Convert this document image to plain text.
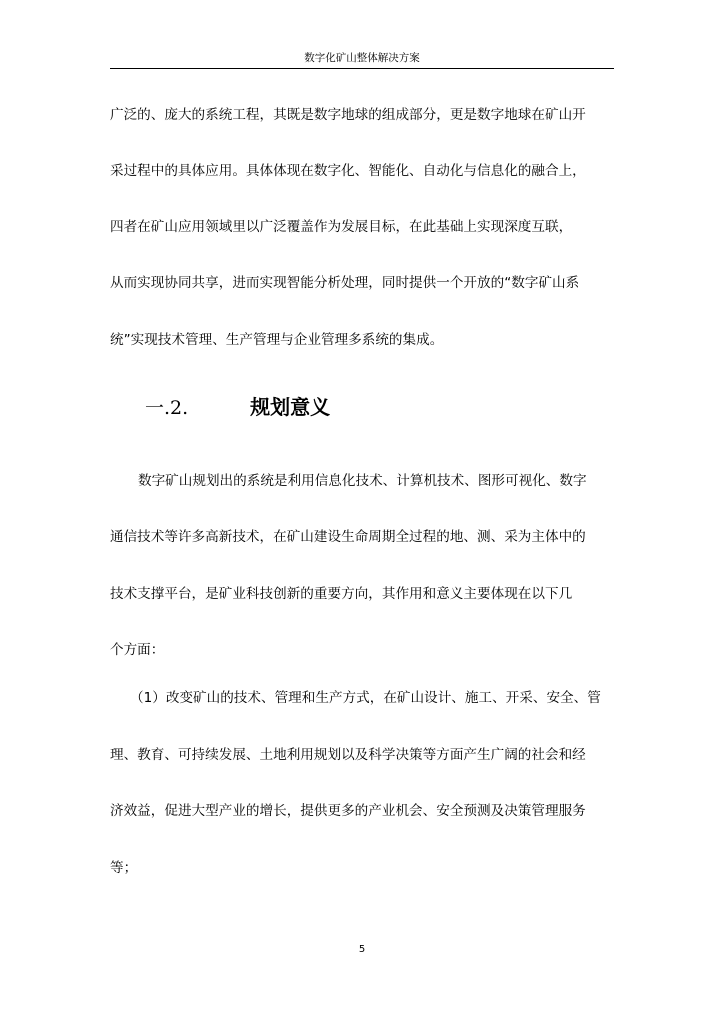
数字化矿山整体解决方案
广泛的、庞大的系统工程，其既是数字地球的组成部分，更是数字地球在矿山开
采过程中的具体应用。具体体现在数字化、智能化、自动化与信息化的融合上，
四者在矿山应用领域里以广泛覆盖作为发展目标，在此基础上实现深度互联，
从而实现协同共享，进而实现智能分析处理，同时提供一个开放的“数字矿山系
统”实现技术管理、生产管理与企业管理多系统的集成。
一.2.	规划意义
数字矿山规划出的系统是利用信息化技术、计算机技术、图形可视化、数字
通信技术等许多高新技术，在矿山建设生命周期全过程的地、测、采为主体中的
技术支撑平台，是矿业科技创新的重要方向，其作用和意义主要体现在以下几
个方面：
（1）改变矿山的技术、管理和生产方式，在矿山设计、施工、开采、安全、管
理、教育、可持续发展、土地利用规划以及科学决策等方面产生广阔的社会和经
济效益，促进大型产业的增长，提供更多的产业机会、安全预测及决策管理服务
等；
5
